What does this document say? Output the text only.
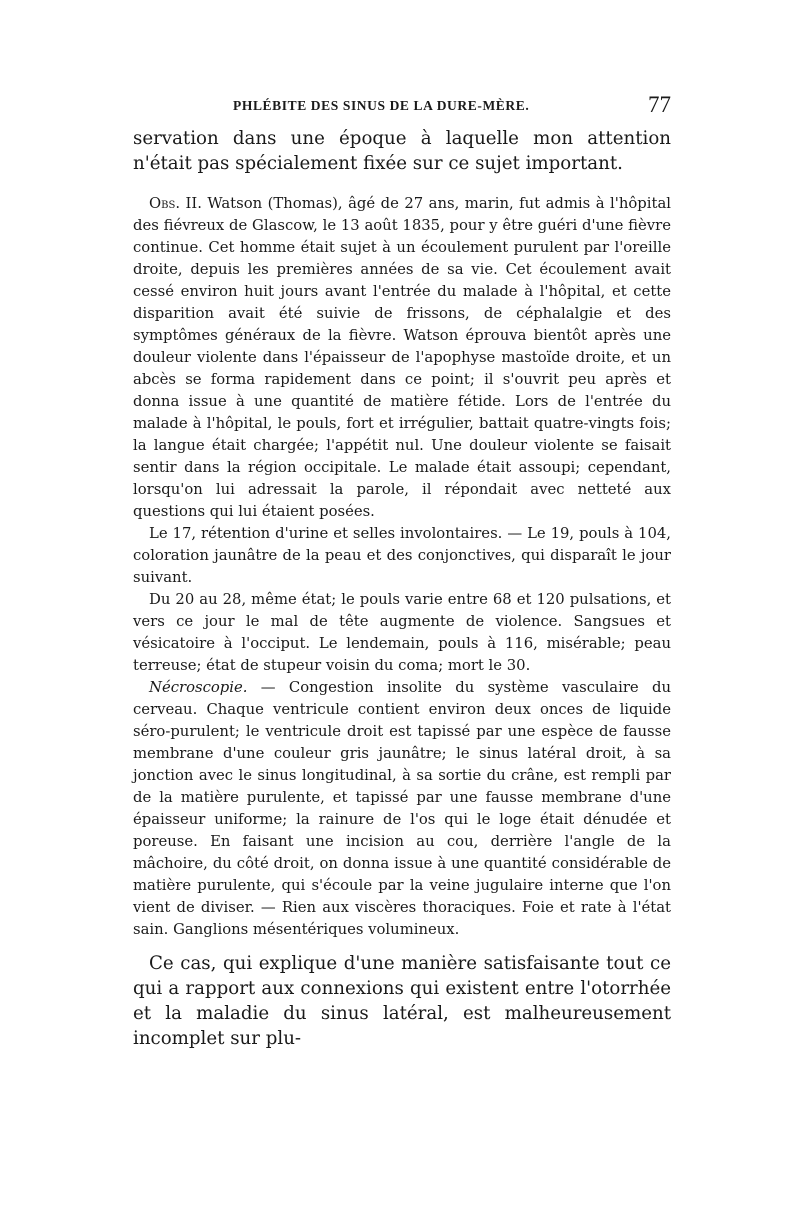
PHLÉBITE DES SINUS DE LA DURE-MÈRE.	77

servation dans une époque à laquelle mon attention n'était pas spécialement fixée sur ce sujet important.

Obs. II. Watson (Thomas), âgé de 27 ans, marin, fut admis à l'hôpital des fiévreux de Glascow, le 13 août 1835, pour y être guéri d'une fièvre continue. Cet homme était sujet à un écoulement purulent par l'oreille droite, depuis les premières années de sa vie. Cet écoulement avait cessé environ huit jours avant l'entrée du malade à l'hôpital, et cette disparition avait été suivie de frissons, de céphalalgie et des symptômes généraux de la fièvre. Watson éprouva bientôt après une douleur violente dans l'épaisseur de l'apophyse mastoïde droite, et un abcès se forma rapidement dans ce point; il s'ouvrit peu après et donna issue à une quantité de matière fétide. Lors de l'entrée du malade à l'hôpital, le pouls, fort et irrégulier, battait quatre-vingts fois; la langue était chargée; l'appétit nul. Une douleur violente se faisait sentir dans la région occipitale. Le malade était assoupi; cependant, lorsqu'on lui adressait la parole, il répondait avec netteté aux questions qui lui étaient posées.

Le 17, rétention d'urine et selles involontaires. — Le 19, pouls à 104, coloration jaunâtre de la peau et des conjonctives, qui disparaît le jour suivant.

Du 20 au 28, même état; le pouls varie entre 68 et 120 pulsations, et vers ce jour le mal de tête augmente de violence. Sangsues et vésicatoire à l'occiput. Le lendemain, pouls à 116, misérable; peau terreuse; état de stupeur voisin du coma; mort le 30.

Nécroscopie. — Congestion insolite du système vasculaire du cerveau. Chaque ventricule contient environ deux onces de liquide séro-purulent; le ventricule droit est tapissé par une espèce de fausse membrane d'une couleur gris jaunâtre; le sinus latéral droit, à sa jonction avec le sinus longitudinal, à sa sortie du crâne, est rempli par de la matière purulente, et tapissé par une fausse membrane d'une épaisseur uniforme; la rainure de l'os qui le loge était dénudée et poreuse. En faisant une incision au cou, derrière l'angle de la mâchoire, du côté droit, on donna issue à une quantité considérable de matière purulente, qui s'écoule par la veine jugulaire interne que l'on vient de diviser. — Rien aux viscères thoraciques. Foie et rate à l'état sain. Ganglions mésentériques volumineux.

Ce cas, qui explique d'une manière satisfaisante tout ce qui a rapport aux connexions qui existent entre l'otorrhée et la maladie du sinus latéral, est malheureusement incomplet sur plu-
